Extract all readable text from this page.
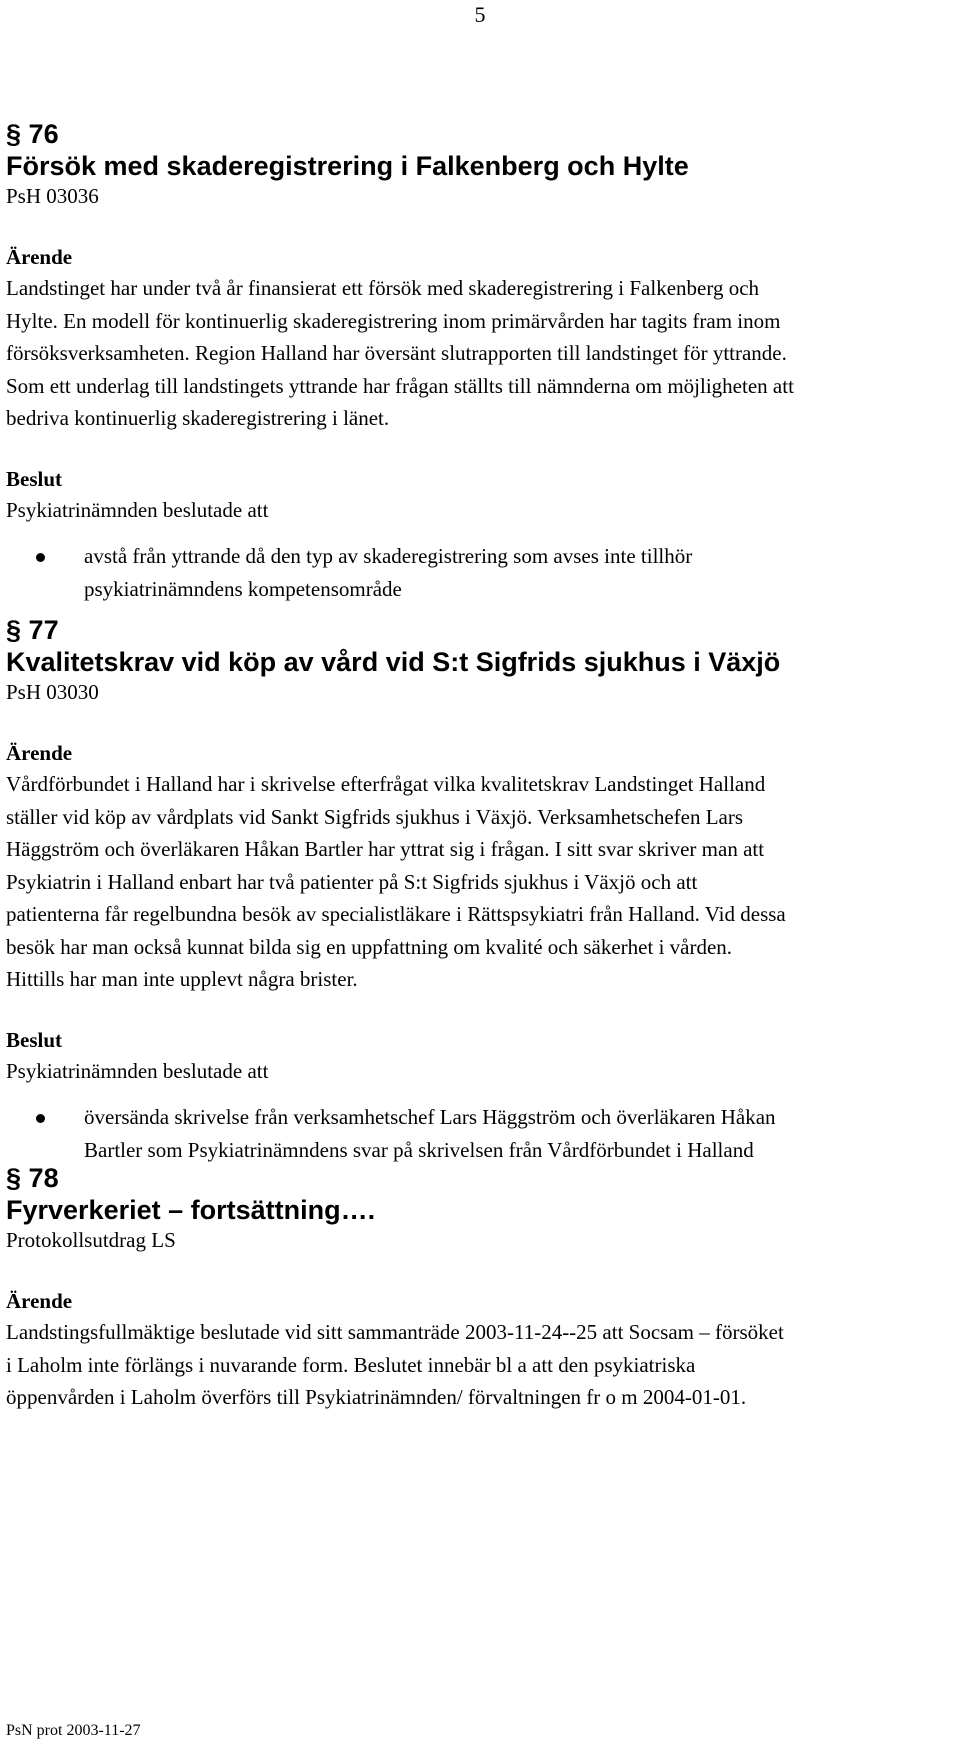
5
§ 76
Försök med skaderegistrering i Falkenberg och Hylte
PsH 03036
Ärende
Landstinget har under två år finansierat ett försök med skaderegistrering i Falkenberg och
Hylte. En modell för kontinuerlig skaderegistrering inom primärvården har tagits fram inom
försöksverksamheten. Region Halland har översänt slutrapporten till landstinget för yttrande.
Som ett underlag till landstingets yttrande har frågan ställts till nämnderna om möjligheten att
bedriva kontinuerlig skaderegistrering i länet.
Beslut
Psykiatrinämnden beslutade att
avstå från yttrande då den typ av skaderegistrering som avses inte tillhör
psykiatrinämndens kompetensområde
§ 77
Kvalitetskrav vid köp av vård vid S:t Sigfrids sjukhus i Växjö
PsH 03030
Ärende
Vårdförbundet i Halland har i skrivelse efterfrågat vilka kvalitetskrav Landstinget Halland
ställer vid köp av vårdplats vid Sankt Sigfrids sjukhus i Växjö. Verksamhetschefen Lars
Häggström och överläkaren Håkan Bartler har yttrat sig i frågan. I sitt svar skriver man att
Psykiatrin i Halland enbart har två patienter på S:t Sigfrids sjukhus i Växjö och att
patienterna får regelbundna besök av specialistläkare i Rättspsykiatri från Halland. Vid dessa
besök har man också kunnat bilda sig en uppfattning om kvalité och säkerhet i vården.
Hittills har man inte upplevt några brister.
Beslut
Psykiatrinämnden beslutade att
översända skrivelse från verksamhetschef Lars Häggström och överläkaren Håkan
Bartler som Psykiatrinämndens svar på skrivelsen från Vårdförbundet i Halland
§ 78
Fyrverkeriet – fortsättning….
Protokollsutdrag LS
Ärende
Landstingsfullmäktige beslutade vid sitt sammanträde 2003-11-24--25 att Socsam – försöket
i Laholm inte förlängs i nuvarande form. Beslutet innebär bl a att den psykiatriska
öppenvården i Laholm överförs till Psykiatrinämnden/ förvaltningen fr o m 2004-01-01.
PsN prot 2003-11-27
